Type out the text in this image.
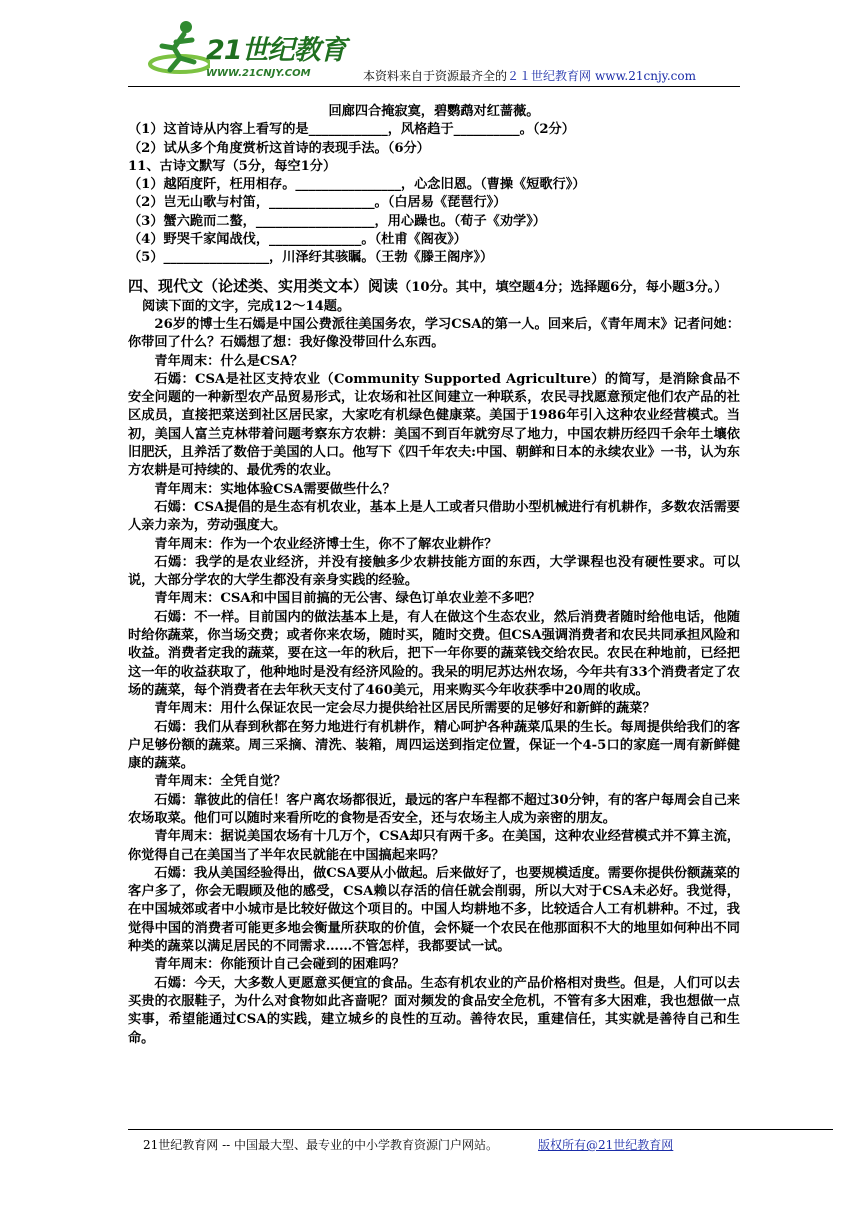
21世纪教育
WWW.21CNJY.COM	本资料来自于资源最齐全的２１世纪教育网 www.21cnjy.com
回廊四合掩寂寞，碧鹦鹉对红蔷薇。
（1）这首诗从内容上看写的是____________，风格趋于__________。（2分）
（2）试从多个角度赏析这首诗的表现手法。（6分）
11、古诗文默写（5分，每空1分）
（1）越陌度阡，枉用相存。________________，心念旧恩。（曹操《短歌行》）
（2）岂无山歌与村笛，________________。（白居易《琵琶行》）
（3）蟹六跪而二螯，__________________，用心躁也。（荀子《劝学》）
（4）野哭千家闻战伐，______________。（杜甫《阁夜》）
（5）________________，川泽纡其骇瞩。（王勃《滕王阁序》）
四、现代文（论述类、实用类文本）阅读（10分。其中，填空题4分；选择题6分，每小题3分。）
阅读下面的文字，完成12～14题。
26岁的博士生石嫣是中国公费派往美国务农，学习CSA的第一人。回来后，《青年周末》记者问她：你带回了什么？石嫣想了想：我好像没带回什么东西。
青年周末：什么是CSA？
石嫣：CSA是社区支持农业（Community Supported Agriculture）的简写，是消除食品不安全问题的一种新型农产品贸易形式，让农场和社区间建立一种联系，农民寻找愿意预定他们农产品的社区成员，直接把菜送到社区居民家，大家吃有机绿色健康菜。美国于1986年引入这种农业经营模式。当初，美国人富兰克林带着问题考察东方农耕：美国不到百年就穷尽了地力，中国农耕历经四千余年土壤依旧肥沃，且养活了数倍于美国的人口。他写下《四千年农夫:中国、朝鲜和日本的永续农业》一书，认为东方农耕是可持续的、最优秀的农业。
青年周末：实地体验CSA需要做些什么？
石嫣：CSA提倡的是生态有机农业，基本上是人工或者只借助小型机械进行有机耕作，多数农活需要人亲力亲为，劳动强度大。
青年周末：作为一个农业经济博士生，你不了解农业耕作？
石嫣：我学的是农业经济，并没有接触多少农耕技能方面的东西，大学课程也没有硬性要求。可以说，大部分学农的大学生都没有亲身实践的经验。
青年周末：CSA和中国目前搞的无公害、绿色订单农业差不多吧？
石嫣：不一样。目前国内的做法基本上是，有人在做这个生态农业，然后消费者随时给他电话，他随时给你蔬菜，你当场交费；或者你来农场，随时买，随时交费。但CSA强调消费者和农民共同承担风险和收益。消费者定我的蔬菜，要在这一年的秋后，把下一年你要的蔬菜钱交给农民。农民在种地前，已经把这一年的收益获取了，他种地时是没有经济风险的。我呆的明尼苏达州农场，今年共有33个消费者定了农场的蔬菜，每个消费者在去年秋天支付了460美元，用来购买今年收获季中20周的收成。
青年周末：用什么保证农民一定会尽力提供给社区居民所需要的足够好和新鲜的蔬菜？
石嫣：我们从春到秋都在努力地进行有机耕作，精心呵护各种蔬菜瓜果的生长。每周提供给我们的客户足够份额的蔬菜。周三采摘、清洗、装箱，周四运送到指定位置，保证一个4-5口的家庭一周有新鲜健康的蔬菜。
青年周末：全凭自觉？
石嫣：靠彼此的信任！客户离农场都很近，最远的客户车程都不超过30分钟，有的客户每周会自己来农场取菜。他们可以随时来看所吃的食物是否安全，还与农场主人成为亲密的朋友。
青年周末：据说美国农场有十几万个，CSA却只有两千多。在美国，这种农业经营模式并不算主流，你觉得自己在美国当了半年农民就能在中国搞起来吗？
石嫣：我从美国经验得出，做CSA要从小做起。后来做好了，也要规模适度。需要你提供份额蔬菜的客户多了，你会无暇顾及他的感受，CSA赖以存活的信任就会削弱，所以大对于CSA未必好。我觉得，在中国城郊或者中小城市是比较好做这个项目的。中国人均耕地不多，比较适合人工有机耕种。不过，我觉得中国的消费者可能更多地会衡量所获取的价值，会怀疑一个农民在他那面积不大的地里如何种出不同种类的蔬菜以满足居民的不同需求……不管怎样，我都要试一试。
青年周末：你能预计自己会碰到的困难吗？
石嫣：今天，大多数人更愿意买便宜的食品。生态有机农业的产品价格相对贵些。但是，人们可以去买贵的衣服鞋子，为什么对食物如此吝啬呢？面对频发的食品安全危机，不管有多大困难，我也想做一点实事，希望能通过CSA的实践，建立城乡的良性的互动。善待农民，重建信任，其实就是善待自己和生命。
21世纪教育网 -- 中国最大型、最专业的中小学教育资源门户网站。	版权所有@21世纪教育网
